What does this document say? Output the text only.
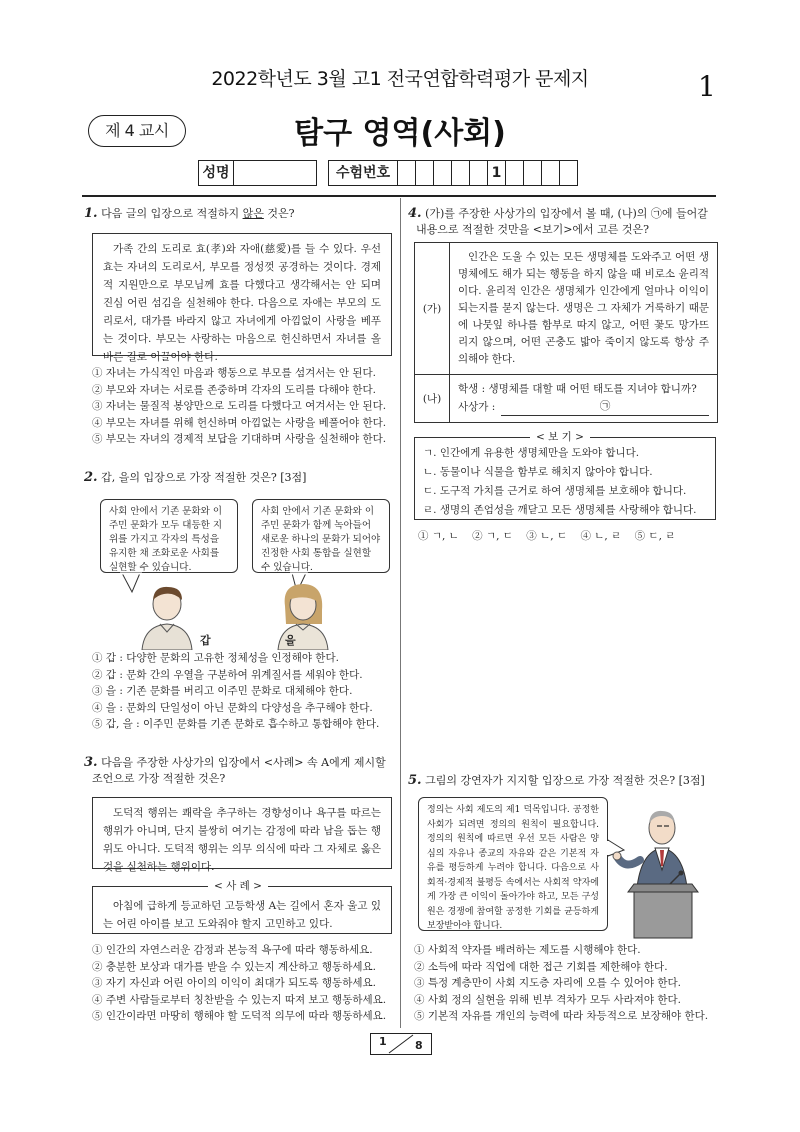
2022학년도 3월 고1 전국연합학력평가 문제지	1
제 4 교시	탐구 영역(사회)
성명	수험번호	1
1. 다음 글의 입장으로 적절하지 않은 것은?
가족 간의 도리로 효(孝)와 자애(慈愛)를 들 수 있다. 우선 효는 자녀의 도리로서, 부모를 정성껏 공경하는 것이다. 경제적 지원만으로 부모님께 효를 다했다고 생각해서는 안 되며 진심 어린 섬김을 실천해야 한다. 다음으로 자애는 부모의 도리로서, 대가를 바라지 않고 자녀에게 아낌없이 사랑을 베푸는 것이다. 부모는 사랑하는 마음으로 헌신하면서 자녀를 올바른 길로 이끌어야 한다.
① 자녀는 가식적인 마음과 행동으로 부모를 섬겨서는 안 된다.
② 부모와 자녀는 서로를 존중하며 각자의 도리를 다해야 한다.
③ 자녀는 물질적 봉양만으로 도리를 다했다고 여겨서는 안 된다.
④ 부모는 자녀를 위해 헌신하며 아낌없는 사랑을 베풀어야 한다.
⑤ 부모는 자녀의 경제적 보답을 기대하며 사랑을 실천해야 한다.
2. 갑, 을의 입장으로 가장 적절한 것은? [3점]
사회 안에서 기존 문화와 이주민 문화가 모두 대등한 지위를 가지고 각자의 특성을 유지한 채 조화로운 사회를 실현할 수 있습니다.
사회 안에서 기존 문화와 이주민 문화가 함께 녹아들어 새로운 하나의 문화가 되어야 진정한 사회 통합을 실현할 수 있습니다.
갑	을
① 갑 : 다양한 문화의 고유한 정체성을 인정해야 한다.
② 갑 : 문화 간의 우열을 구분하여 위계질서를 세워야 한다.
③ 을 : 기존 문화를 버리고 이주민 문화로 대체해야 한다.
④ 을 : 문화의 단일성이 아닌 문화의 다양성을 추구해야 한다.
⑤ 갑, 을 : 이주민 문화를 기존 문화로 흡수하고 통합해야 한다.
3. 다음을 주장한 사상가의 입장에서 <사례> 속 A에게 제시할
조언으로 가장 적절한 것은?
도덕적 행위는 쾌락을 추구하는 경향성이나 욕구를 따르는 행위가 아니며, 단지 불쌍히 여기는 감정에 따라 남을 돕는 행위도 아니다. 도덕적 행위는 의무 의식에 따라 그 자체로 옳은 것을 실천하는 행위이다.
아침에 급하게 등교하던 고등학생 A는 길에서 혼자 울고 있는 어린 아이를 보고 도와줘야 할지 고민하고 있다.
< 사 례 >
① 인간의 자연스러운 감정과 본능적 욕구에 따라 행동하세요.
② 충분한 보상과 대가를 받을 수 있는지 계산하고 행동하세요.
③ 자기 자신과 어린 아이의 이익이 최대가 되도록 행동하세요.
④ 주변 사람들로부터 칭찬받을 수 있는지 따져 보고 행동하세요.
⑤ 인간이라면 마땅히 행해야 할 도덕적 의무에 따라 행동하세요.
4. (가)를 주장한 사상가의 입장에서 볼 때, (나)의 ㉠에 들어갈
내용으로 적절한 것만을 <보기>에서 고른 것은?
(가)
인간은 도울 수 있는 모든 생명체를 도와주고 어떤 생명체에도 해가 되는 행동을 하지 않을 때 비로소 윤리적이다. 윤리적 인간은 생명체가 인간에게 얼마나 이익이 되는지를 묻지 않는다. 생명은 그 자체가 거룩하기 때문에 나뭇잎 하나를 함부로 따지 않고, 어떤 꽃도 망가뜨리지 않으며, 어떤 곤충도 밟아 죽이지 않도록 항상 주의해야 한다.
(나)
학생 : 생명체를 대할 때 어떤 태도를 지녀야 합니까?
사상가 :	㉠
ㄱ. 인간에게 유용한 생명체만을 도와야 합니다.
ㄴ. 동물이나 식물을 함부로 해치지 않아야 합니다.
ㄷ. 도구적 가치를 근거로 하여 생명체를 보호해야 합니다.
ㄹ. 생명의 존엄성을 깨닫고 모든 생명체를 사랑해야 합니다.
< 보 기 >
① ㄱ, ㄴ    ② ㄱ, ㄷ    ③ ㄴ, ㄷ    ④ ㄴ, ㄹ    ⑤ ㄷ, ㄹ
5. 그림의 강연자가 지지할 입장으로 가장 적절한 것은? [3점]
정의는 사회 제도의 제1 덕목입니다. 공정한 사회가 되려면 정의의 원칙이 필요합니다. 정의의 원칙에 따르면 우선 모든 사람은 양심의 자유나 종교의 자유와 같은 기본적 자유를 평등하게 누려야 합니다. 다음으로 사회적·경제적 불평등 속에서는 사회적 약자에게 가장 큰 이익이 돌아가야 하고, 모든 구성원은 경쟁에 참여할 공정한 기회를 균등하게 보장받아야 합니다.
① 사회적 약자를 배려하는 제도를 시행해야 한다.
② 소득에 따라 직업에 대한 접근 기회를 제한해야 한다.
③ 특정 계층만이 사회 지도층 자리에 오를 수 있어야 한다.
④ 사회 정의 실현을 위해 빈부 격차가 모두 사라져야 한다.
⑤ 기본적 자유를 개인의 능력에 따라 차등적으로 보장해야 한다.
1	8
